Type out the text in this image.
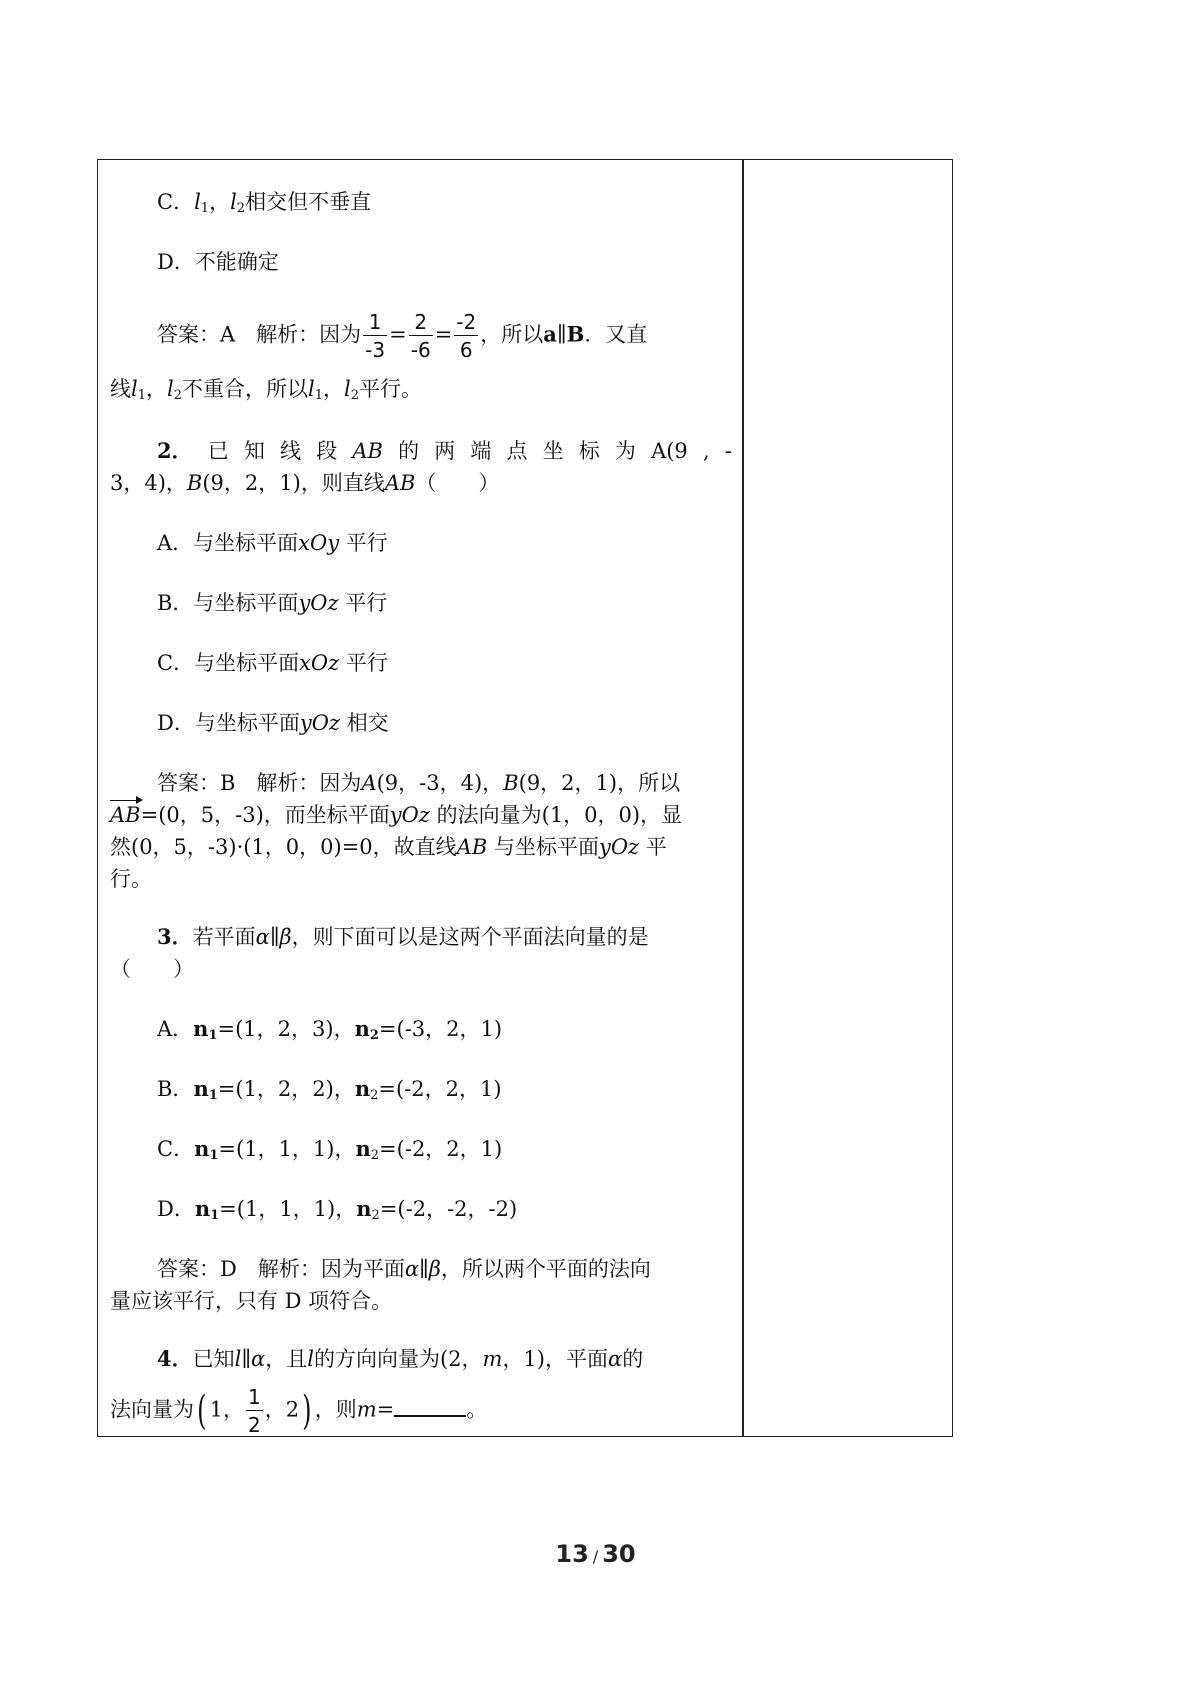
C．$l_1$，$l_2$相交但不垂直
D．不能确定
答案：A　解析：因为 $\frac{1}{-3} = \frac{2}{-6} = \frac{-2}{6}$ ，所以a∥B．又直
线$l_1$，$l_2$不重合，所以$l_1$，$l_2$平行。
2． 已 知 线 段 AB 的 两 端 点 坐 标 为 A(9 , -
3，4)，B(9，2，1)，则直线AB（　　）
A．与坐标平面xOy 平行
B．与坐标平面yOz 平行
C．与坐标平面xOz 平行
D．与坐标平面yOz 相交
答案：B　解析：因为A(9，-3，4)，B(9，2，1)，所以
AB=(0，5，-3)，而坐标平面yOz 的法向量为(1，0，0)，显
然(0，5，-3)·(1，0，0)=0，故直线AB 与坐标平面yOz 平
行。
3．若平面α∥β，则下面可以是这两个平面法向量的是
（　　）
A．$n_1=(1$，2，3)，$n_2=(-3$，2，1)
B．$n_1=(1$，2，2)，$n_2=(-2$，2，1)
C．$n_1=(1$，1，1)，$n_2=(-2$，2，1)
D．$n_1=(1$，1，1)，$n_2=(-2$，-2，-2)
答案：D　解析：因为平面α∥β，所以两个平面的法向
量应该平行，只有 D 项符合。
4．已知l∥α，且l的方向向量为(2，m，1)，平面α的
法向量为( 1， $\frac{1}{2}$ ，2) ，则m=	。
13 / 30
